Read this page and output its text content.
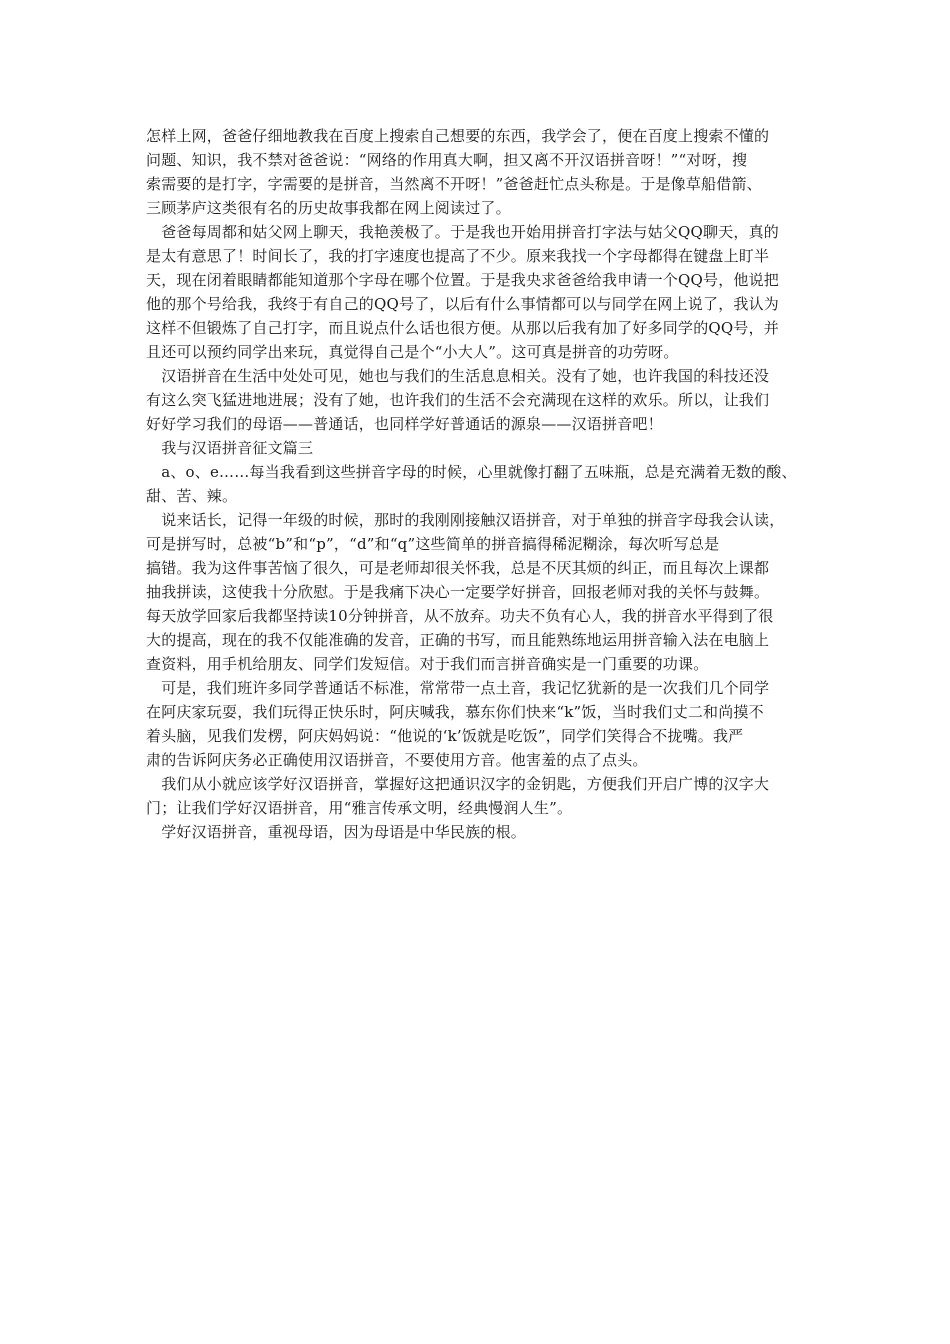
怎样上网，爸爸仔细地教我在百度上搜索自己想要的东西，我学会了，便在百度上搜索不懂的
问题、知识，我不禁对爸爸说：“网络的作用真大啊，担又离不开汉语拼音呀！”“对呀，搜
索需要的是打字，字需要的是拼音，当然离不开呀！”爸爸赶忙点头称是。于是像草船借箭、
三顾茅庐这类很有名的历史故事我都在网上阅读过了。
　爸爸每周都和姑父网上聊天，我艳羡极了。于是我也开始用拼音打字法与姑父QQ聊天，真的
是太有意思了！时间长了，我的打字速度也提高了不少。原来我找一个字母都得在键盘上盯半
天，现在闭着眼睛都能知道那个字母在哪个位置。于是我央求爸爸给我申请一个QQ号，他说把
他的那个号给我，我终于有自己的QQ号了，以后有什么事情都可以与同学在网上说了，我认为
这样不但锻炼了自己打字，而且说点什么话也很方便。从那以后我有加了好多同学的QQ号，并
且还可以预约同学出来玩，真觉得自己是个“小大人”。这可真是拼音的功劳呀。
　汉语拼音在生活中处处可见，她也与我们的生活息息相关。没有了她，也许我国的科技还没
有这么突飞猛进地进展；没有了她，也许我们的生活不会充满现在这样的欢乐。所以，让我们
好好学习我们的母语——普通话，也同样学好普通话的源泉——汉语拼音吧！
　我与汉语拼音征文篇三
　a、o、e……每当我看到这些拼音字母的时候，心里就像打翻了五味瓶，总是充满着无数的酸、
甜、苦、辣。
　说来话长，记得一年级的时候，那时的我刚刚接触汉语拼音，对于单独的拼音字母我会认读，
可是拼写时，总被“b”和“p”，“d”和“q”这些简单的拼音搞得稀泥糊涂，每次听写总是
搞错。我为这件事苦恼了很久，可是老师却很关怀我，总是不厌其烦的纠正，而且每次上课都
抽我拼读，这使我十分欣慰。于是我痛下决心一定要学好拼音，回报老师对我的关怀与鼓舞。
每天放学回家后我都坚持读10分钟拼音，从不放弃。功夫不负有心人，我的拼音水平得到了很
大的提高，现在的我不仅能准确的发音，正确的书写，而且能熟练地运用拼音输入法在电脑上
查资料，用手机给朋友、同学们发短信。对于我们而言拼音确实是一门重要的功课。
　可是，我们班许多同学普通话不标准，常常带一点土音，我记忆犹新的是一次我们几个同学
在阿庆家玩耍，我们玩得正快乐时，阿庆喊我，慕东你们快来“k”饭，当时我们丈二和尚摸不
着头脑，见我们发楞，阿庆妈妈说：“他说的‘k’饭就是吃饭”，同学们笑得合不拢嘴。我严
肃的告诉阿庆务必正确使用汉语拼音，不要使用方音。他害羞的点了点头。
　我们从小就应该学好汉语拼音，掌握好这把通识汉字的金钥匙，方便我们开启广博的汉字大
门；让我们学好汉语拼音，用“雅言传承文明，经典慢润人生”。
　学好汉语拼音，重视母语，因为母语是中华民族的根。
